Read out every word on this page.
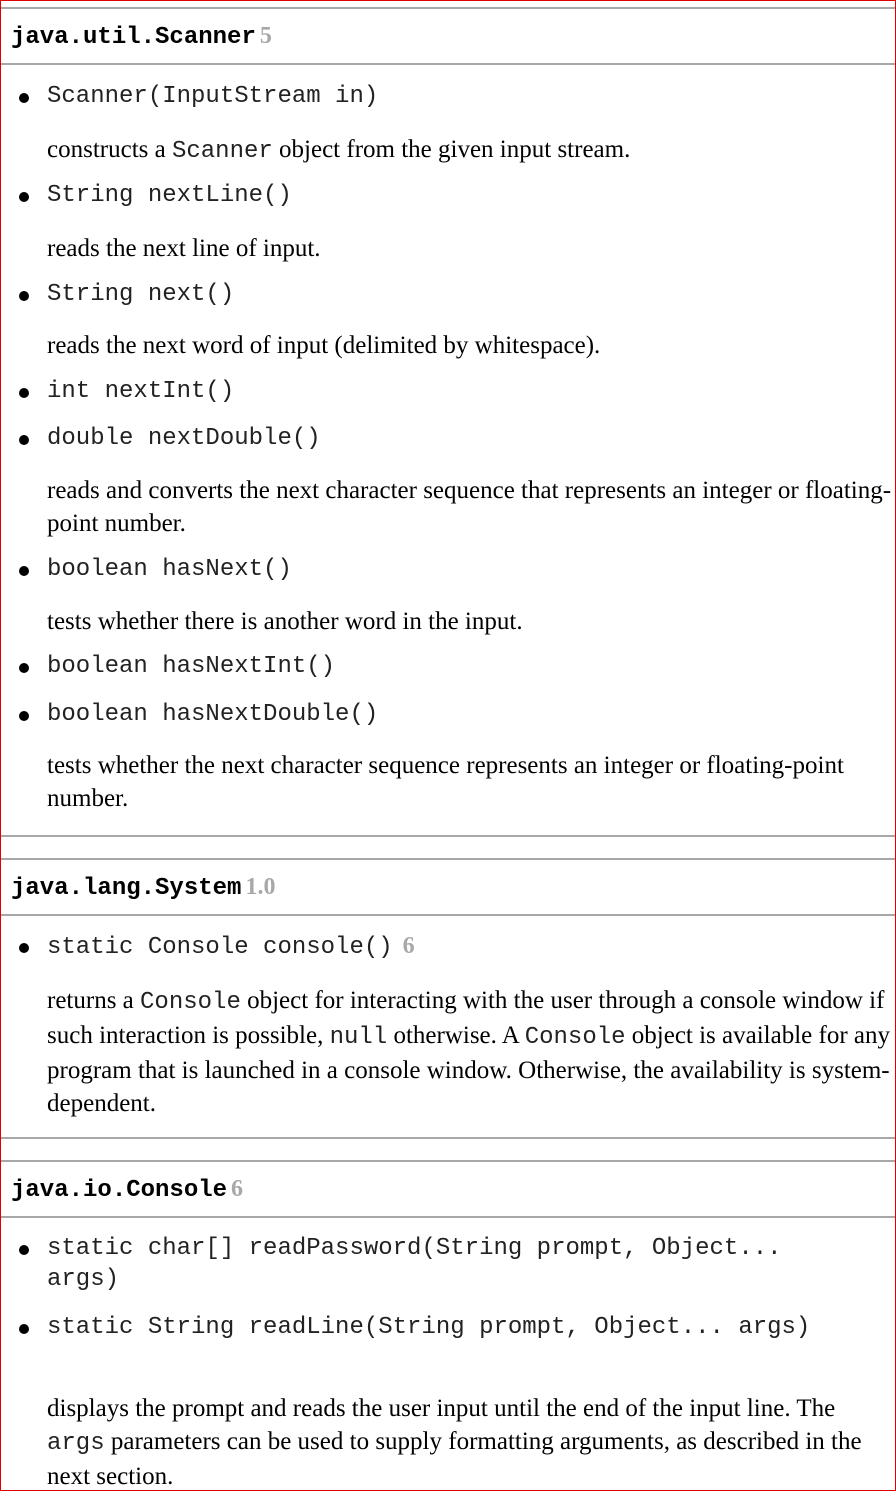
java.util.Scanner 5
Scanner(InputStream in)
constructs a Scanner object from the given input stream.
String nextLine()
reads the next line of input.
String next()
reads the next word of input (delimited by whitespace).
int nextInt()
double nextDouble()
reads and converts the next character sequence that represents an integer or floating-point number.
boolean hasNext()
tests whether there is another word in the input.
boolean hasNextInt()
boolean hasNextDouble()
tests whether the next character sequence represents an integer or floating-point number.
java.lang.System 1.0
static Console console() 6
returns a Console object for interacting with the user through a console window if such interaction is possible, null otherwise. A Console object is available for any program that is launched in a console window. Otherwise, the availability is system-dependent.
java.io.Console 6
static char[] readPassword(String prompt, Object... args)
static String readLine(String prompt, Object... args)
displays the prompt and reads the user input until the end of the input line. The args parameters can be used to supply formatting arguments, as described in the next section.
